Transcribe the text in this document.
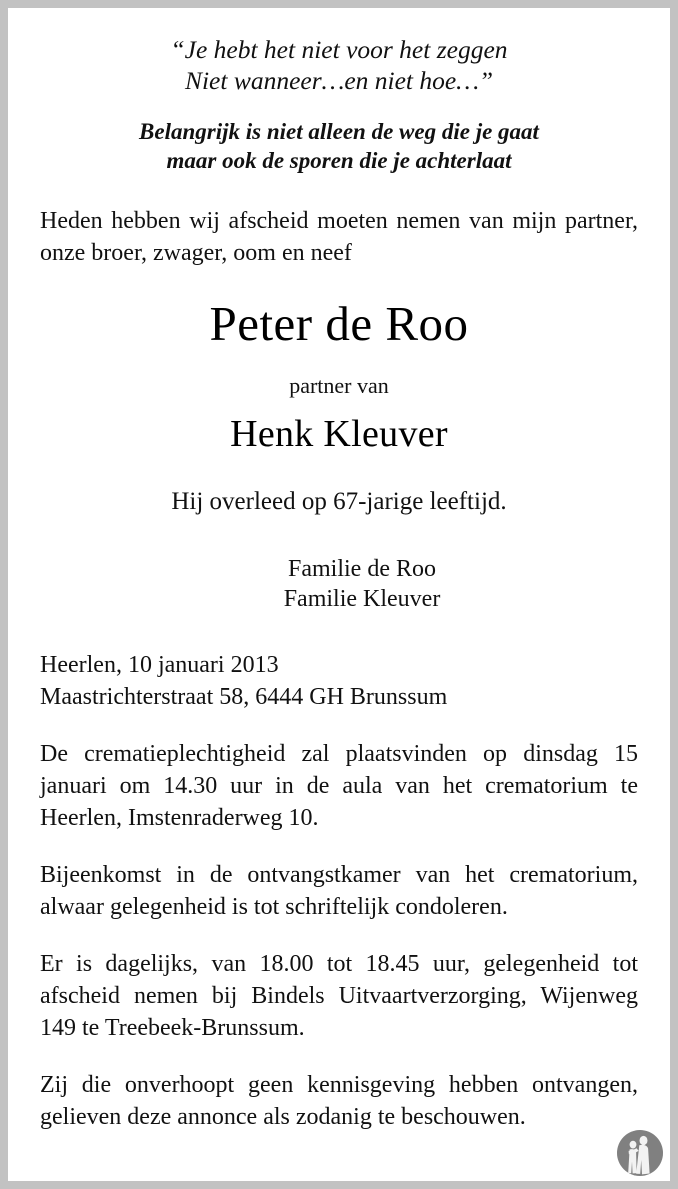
“Je hebt het niet voor het zeggen
Niet wanneer…en niet hoe…”
Belangrijk is niet alleen de weg die je gaat
maar ook de sporen die je achterlaat
Heden hebben wij afscheid moeten nemen van mijn partner, onze broer, zwager, oom en neef
Peter de Roo
partner van
Henk Kleuver
Hij overleed op 67-jarige leeftijd.
Familie de Roo
Familie Kleuver
Heerlen, 10 januari 2013
Maastrichterstraat 58, 6444 GH Brunssum
De crematieplechtigheid zal plaatsvinden op dinsdag 15 januari om 14.30 uur in de aula van het crematorium te Heerlen, Imstenraderweg 10.
Bijeenkomst in de ontvangstkamer van het crematorium, alwaar gelegenheid is tot schriftelijk condoleren.
Er is dagelijks, van 18.00 tot 18.45 uur, gelegenheid tot afscheid nemen bij Bindels Uitvaartverzorging, Wijenweg 149 te Treebeek-Brunssum.
Zij die onverhoopt geen kennisgeving hebben ontvangen, gelieven deze annonce als zodanig te beschouwen.
